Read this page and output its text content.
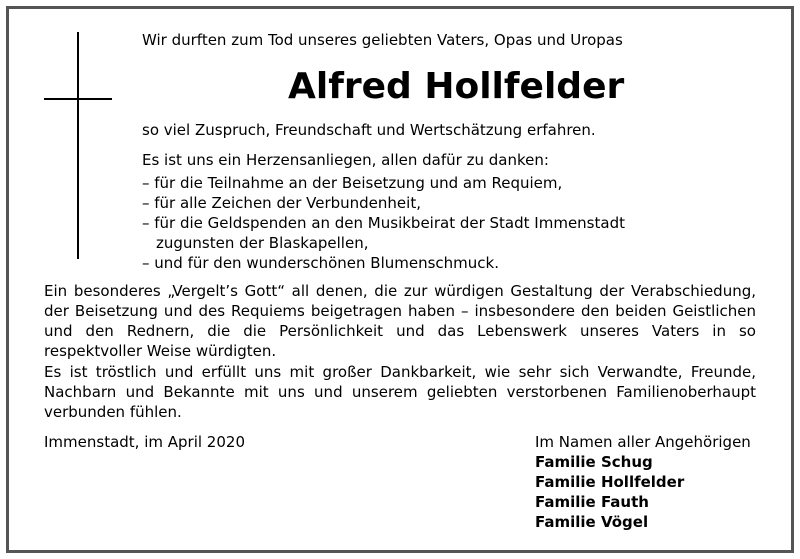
Wir durften zum Tod unseres geliebten Vaters, Opas und Uropas
Alfred Hollfelder
so viel Zuspruch, Freundschaft und Wertschätzung erfahren.
Es ist uns ein Herzensanliegen, allen dafür zu danken:
– für die Teilnahme an der Beisetzung und am Requiem,
– für alle Zeichen der Verbundenheit,
– für die Geldspenden an den Musikbeirat der Stadt Immenstadt
zugunsten der Blaskapellen,
– und für den wunderschönen Blumenschmuck.
Ein besonderes „Vergelt’s Gott“ all denen, die zur würdigen Gestaltung der Verabschiedung, der Beisetzung und des Requiems beigetragen haben – insbesondere den beiden Geistlichen und den Rednern, die die Persönlichkeit und das Lebenswerk unseres Vaters in so respektvoller Weise würdigten.
Es ist tröstlich und erfüllt uns mit großer Dankbarkeit, wie sehr sich Verwandte, Freunde, Nachbarn und Bekannte mit uns und unserem geliebten verstorbenen Familienoberhaupt verbunden fühlen.
Immenstadt, im April 2020	Im Namen aller Angehörigen
Familie Schug
Familie Hollfelder
Familie Fauth
Familie Vögel
